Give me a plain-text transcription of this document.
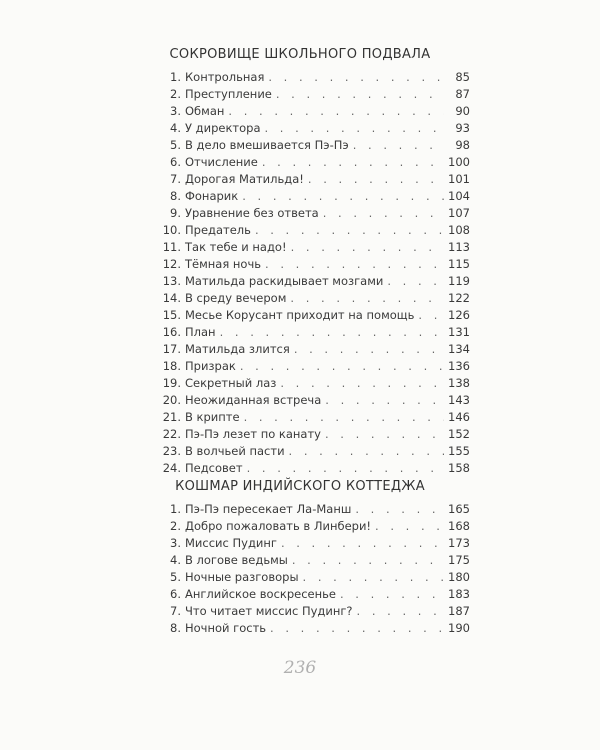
СОКРОВИЩЕ ШКОЛЬНОГО ПОДВАЛА
1. Контрольная . . .	85
2. Преступление . . .	87
3. Обман . . .	90
4. У директора . . .	93
5. В дело вмешивается Пэ-Пэ . . .	98
6. Отчисление . . .	100
7. Дорогая Матильда! . . .	101
8. Фонарик . . .	104
9. Уравнение без ответа . . .	107
10. Предатель . . .	108
11. Так тебе и надо! . . .	113
12. Тёмная ночь . . .	115
13. Матильда раскидывает мозгами . . .	119
14. В среду вечером . . .	122
15. Месье Корусант приходит на помощь . . .	126
16. План . . .	131
17. Матильда злится . . .	134
18. Призрак . . .	136
19. Секретный лаз . . .	138
20. Неожиданная встреча . . .	143
21. В крипте . . .	146
22. Пэ-Пэ лезет по канату . . .	152
23. В волчьей пасти . . .	155
24. Педсовет . . .	158
КОШМАР ИНДИЙСКОГО КОТТЕДЖА
1. Пэ-Пэ пересекает Ла-Манш . . .	165
2. Добро пожаловать в Линбери! . . .	168
3. Миссис Пудинг . . .	173
4. В логове ведьмы . . .	175
5. Ночные разговоры . . .	180
6. Английское воскресенье . . .	183
7. Что читает миссис Пудинг? . . .	187
8. Ночной гость . . .	190
236
